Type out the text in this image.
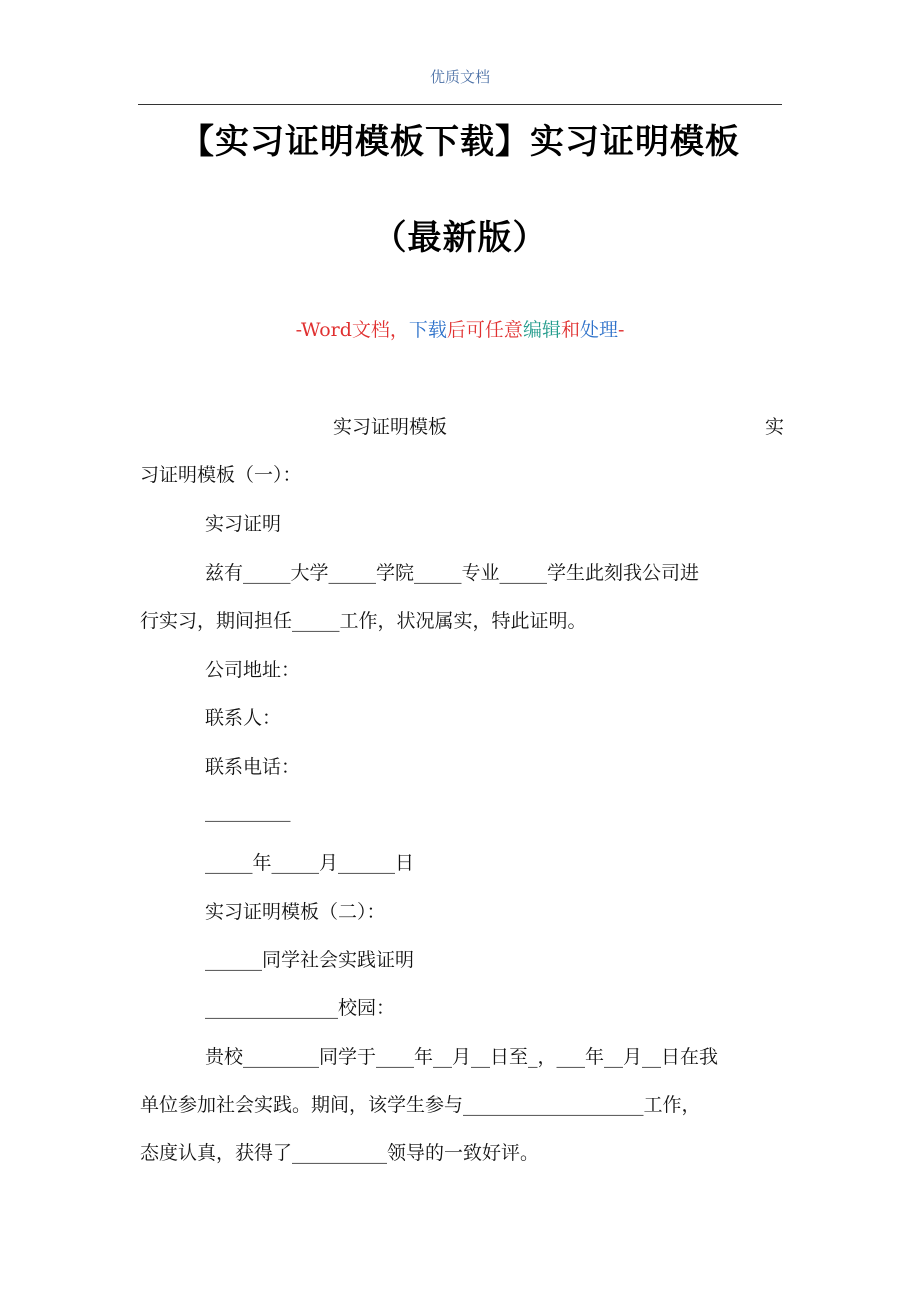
优质文档
【实习证明模板下载】实习证明模板
（最新版）
-Word文档，下载后可任意编辑和处理-
实习证明模板	实
习证明模板（一）：
实习证明
兹有_____大学_____学院_____专业_____学生此刻我公司进
行实习，期间担任_____工作，状况属实，特此证明。
公司地址：
联系人：
联系电话：
_________
_____年_____月______日
实习证明模板（二）：
______同学社会实践证明
______________校园：
贵校________同学于____年__月__日至_，___年__月__日在我
单位参加社会实践。期间，该学生参与___________________工作，
态度认真，获得了__________领导的一致好评。
